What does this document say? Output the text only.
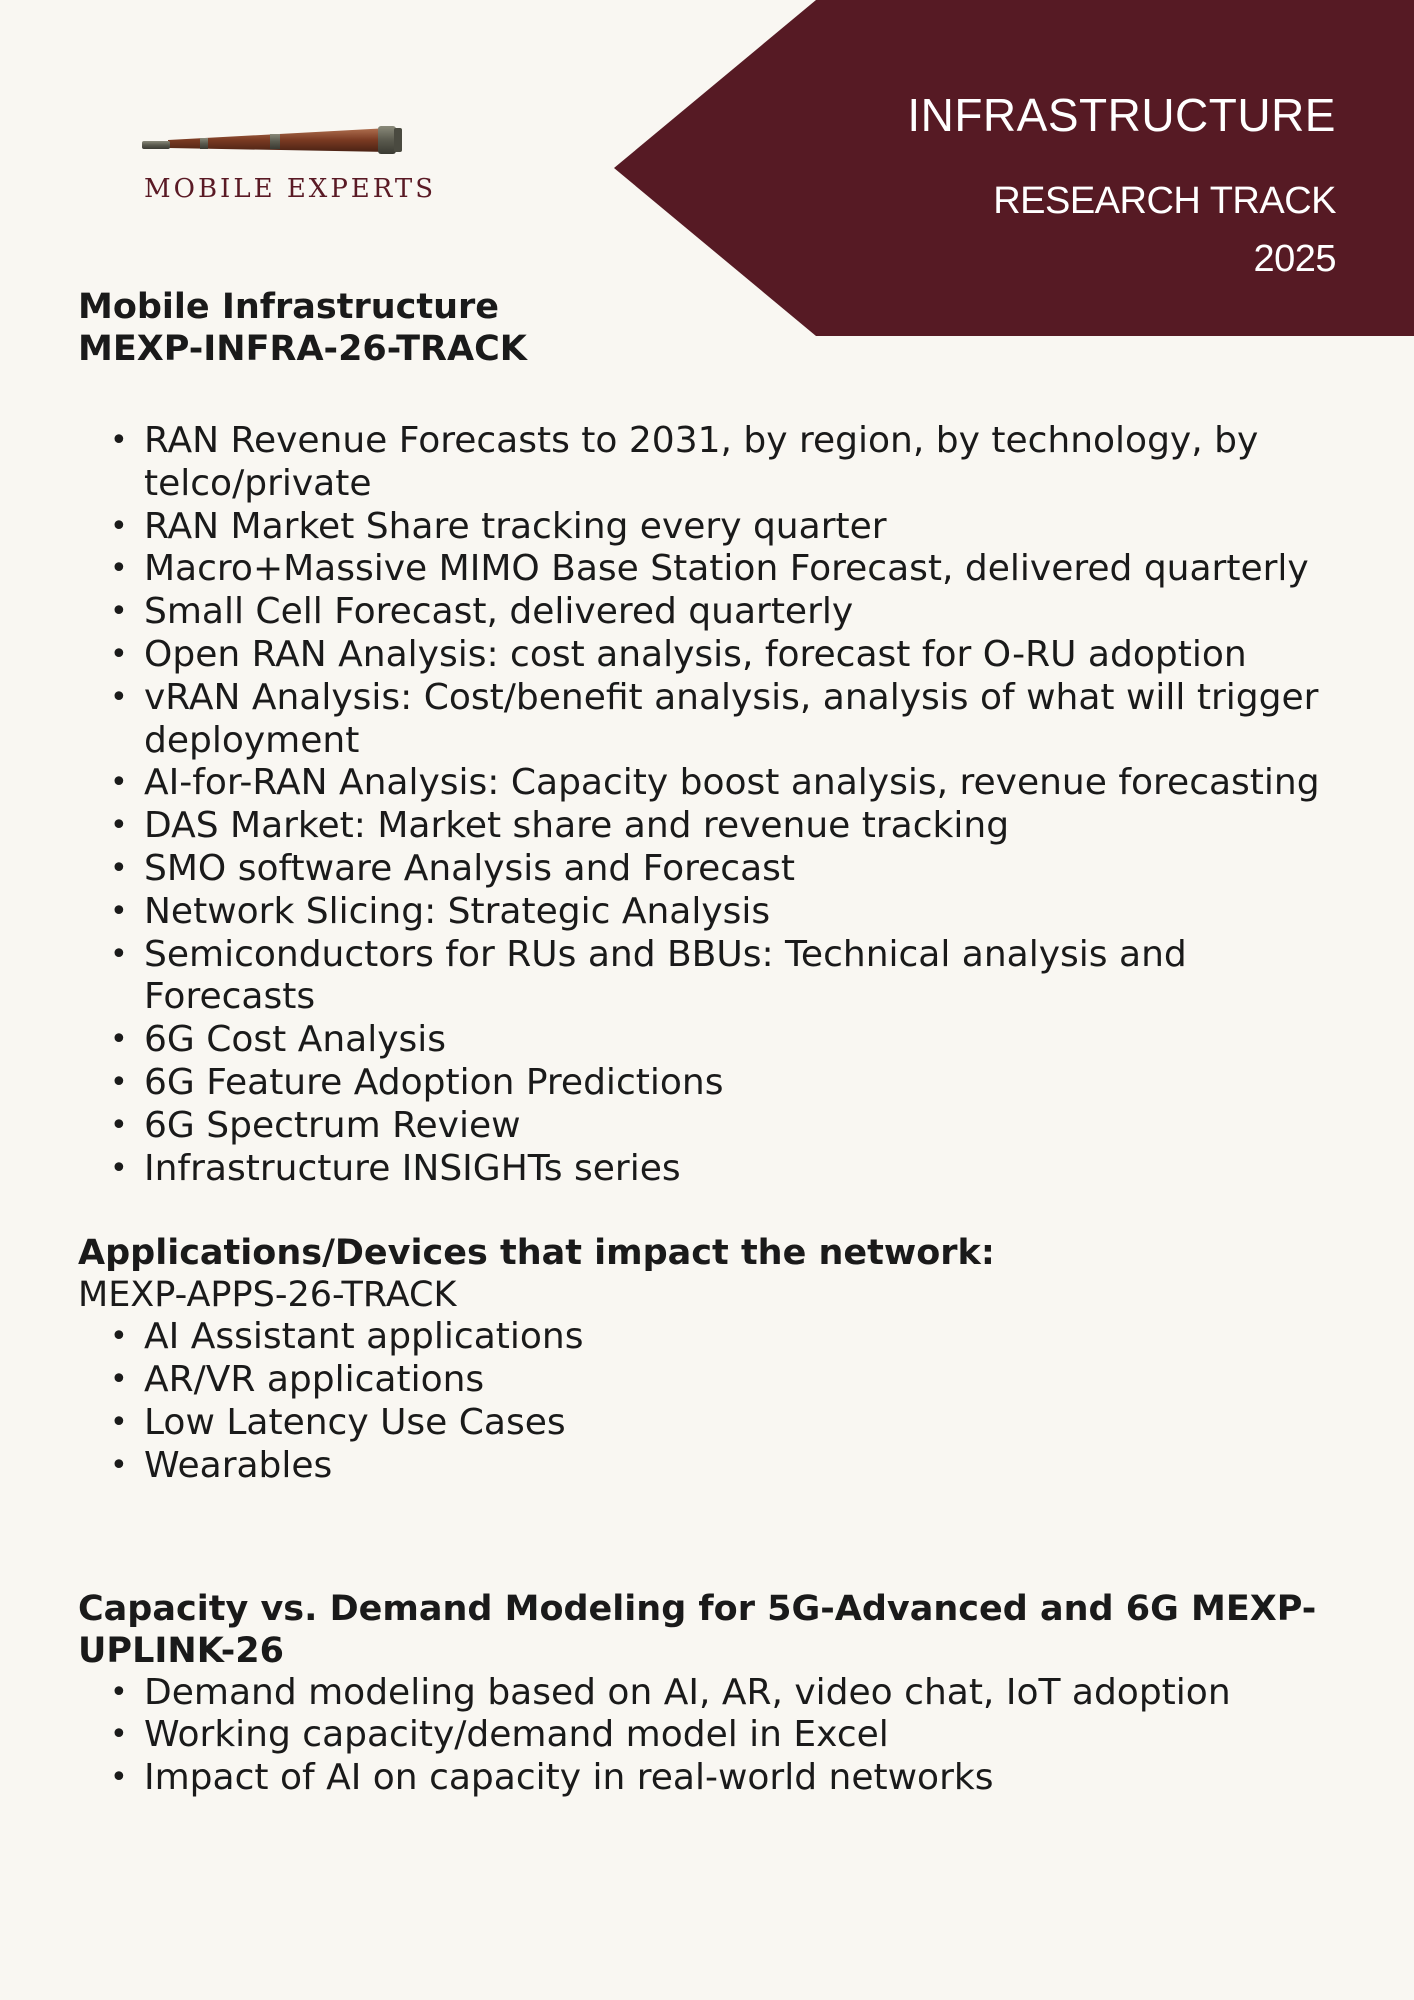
INFRASTRUCTURE
RESEARCH TRACK
2025
MOBILE EXPERTS

Mobile Infrastructure

MEXP-INFRA-26-TRACK

• RAN Revenue Forecasts to 2031, by region, by technology, by telco/private
• RAN Market Share tracking every quarter
• Macro+Massive MIMO Base Station Forecast, delivered quarterly
• Small Cell Forecast, delivered quarterly
• Open RAN Analysis: cost analysis, forecast for O-RU adoption
• vRAN Analysis: Cost/benefit analysis, analysis of what will trigger deployment
• AI-for-RAN Analysis: Capacity boost analysis, revenue forecasting
• DAS Market: Market share and revenue tracking
• SMO software Analysis and Forecast
• Network Slicing: Strategic Analysis
• Semiconductors for RUs and BBUs: Technical analysis and Forecasts
• 6G Cost Analysis
• 6G Feature Adoption Predictions
• 6G Spectrum Review
• Infrastructure INSIGHTs series

Applications/Devices that impact the network:

MEXP-APPS-26-TRACK

• AI Assistant applications
• AR/VR applications
• Low Latency Use Cases
• Wearables

Capacity vs. Demand Modeling for 5G-Advanced and 6G MEXP-UPLINK-26

• Demand modeling based on AI, AR, video chat, IoT adoption
• Working capacity/demand model in Excel
• Impact of AI on capacity in real-world networks
